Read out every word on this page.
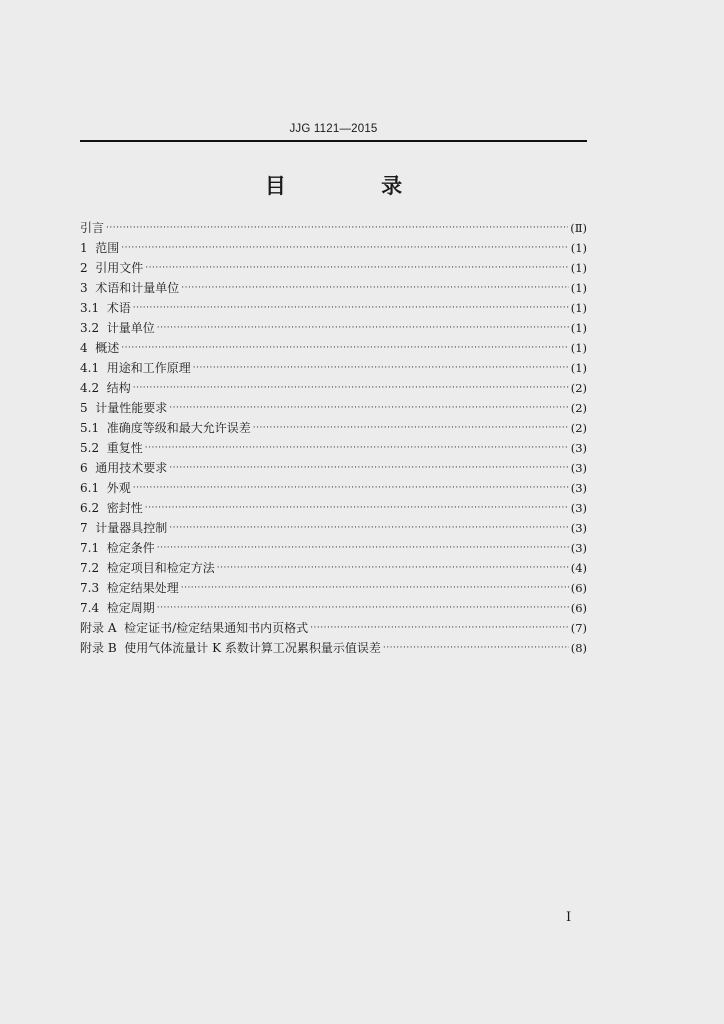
JJG 1121—2015
目 录
引言 ·····	(Ⅱ)
1  范围 ·····	(1)
2  引用文件 ·····	(1)
3  术语和计量单位 ·····	(1)
3.1  术语 ·····	(1)
3.2  计量单位 ·····	(1)
4  概述 ·····	(1)
4.1  用途和工作原理 ·····	(1)
4.2  结构 ·····	(2)
5  计量性能要求 ·····	(2)
5.1  准确度等级和最大允许误差 ·····	(2)
5.2  重复性 ·····	(3)
6  通用技术要求 ·····	(3)
6.1  外观 ·····	(3)
6.2  密封性 ·····	(3)
7  计量器具控制 ·····	(3)
7.1  检定条件 ·····	(3)
7.2  检定项目和检定方法 ·····	(4)
7.3  检定结果处理 ·····	(6)
7.4  检定周期 ·····	(6)
附录 A  检定证书/检定结果通知书内页格式 ·····	(7)
附录 B  使用气体流量计 K 系数计算工况累积量示值误差 ·····	(8)
I
